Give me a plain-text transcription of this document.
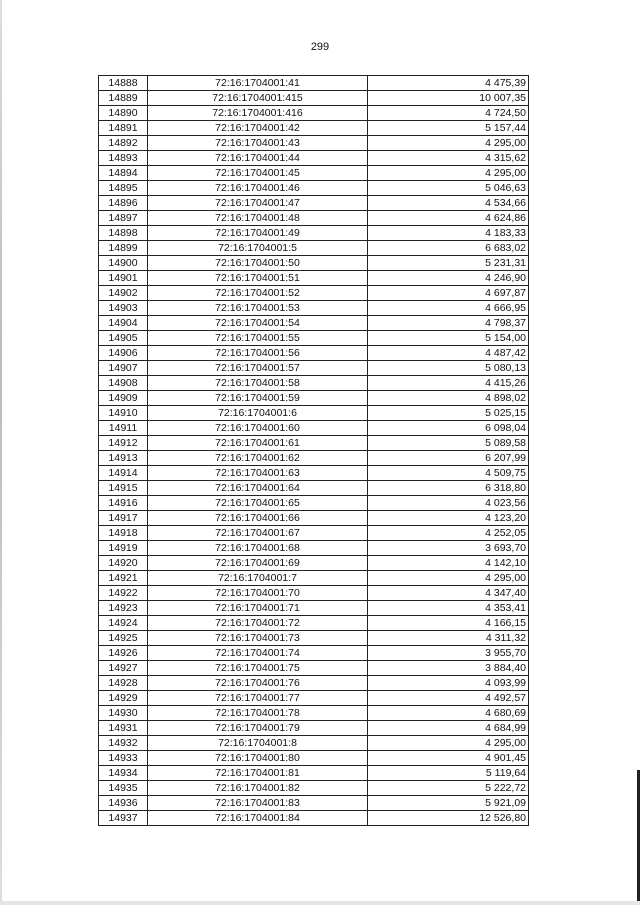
299
14888	72:16:1704001:41	4 475,39
14889	72:16:1704001:415	10 007,35
14890	72:16:1704001:416	4 724,50
14891	72:16:1704001:42	5 157,44
14892	72:16:1704001:43	4 295,00
14893	72:16:1704001:44	4 315,62
14894	72:16:1704001:45	4 295,00
14895	72:16:1704001:46	5 046,63
14896	72:16:1704001:47	4 534,66
14897	72:16:1704001:48	4 624,86
14898	72:16:1704001:49	4 183,33
14899	72:16:1704001:5	6 683,02
14900	72:16:1704001:50	5 231,31
14901	72:16:1704001:51	4 246,90
14902	72:16:1704001:52	4 697,87
14903	72:16:1704001:53	4 666,95
14904	72:16:1704001:54	4 798,37
14905	72:16:1704001:55	5 154,00
14906	72:16:1704001:56	4 487,42
14907	72:16:1704001:57	5 080,13
14908	72:16:1704001:58	4 415,26
14909	72:16:1704001:59	4 898,02
14910	72:16:1704001:6	5 025,15
14911	72:16:1704001:60	6 098,04
14912	72:16:1704001:61	5 089,58
14913	72:16:1704001:62	6 207,99
14914	72:16:1704001:63	4 509,75
14915	72:16:1704001:64	6 318,80
14916	72:16:1704001:65	4 023,56
14917	72:16:1704001:66	4 123,20
14918	72:16:1704001:67	4 252,05
14919	72:16:1704001:68	3 693,70
14920	72:16:1704001:69	4 142,10
14921	72:16:1704001:7	4 295,00
14922	72:16:1704001:70	4 347,40
14923	72:16:1704001:71	4 353,41
14924	72:16:1704001:72	4 166,15
14925	72:16:1704001:73	4 311,32
14926	72:16:1704001:74	3 955,70
14927	72:16:1704001:75	3 884,40
14928	72:16:1704001:76	4 093,99
14929	72:16:1704001:77	4 492,57
14930	72:16:1704001:78	4 680,69
14931	72:16:1704001:79	4 684,99
14932	72:16:1704001:8	4 295,00
14933	72:16:1704001:80	4 901,45
14934	72:16:1704001:81	5 119,64
14935	72:16:1704001:82	5 222,72
14936	72:16:1704001:83	5 921,09
14937	72:16:1704001:84	12 526,80
